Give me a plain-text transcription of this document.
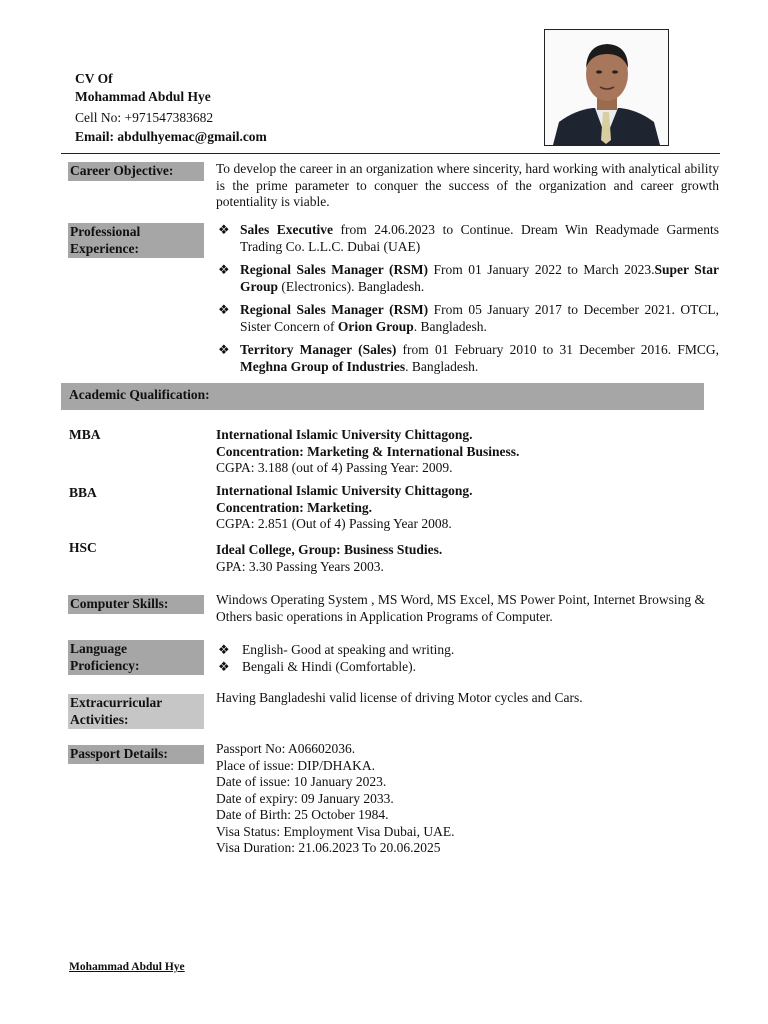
CV Of
Mohammad Abdul Hye
Cell No: +971547383682
Email: abdulhyemac@gmail.com
Career Objective:	To develop the career in an organization where sincerity, hard working with analytical ability is the prime parameter to conquer the success of the organization and career growth potentiality is viable.
Professional
Experience:
❖ Sales Executive from 24.06.2023 to Continue. Dream Win Readymade Garments Trading Co. L.L.C. Dubai (UAE)
❖ Regional Sales Manager (RSM) From 01 January 2022 to March 2023.Super Star Group (Electronics). Bangladesh.
❖ Regional Sales Manager (RSM) From 05 January 2017 to December 2021. OTCL, Sister Concern of Orion Group. Bangladesh.
❖ Territory Manager (Sales) from 01 February 2010 to 31 December 2016. FMCG, Meghna Group of Industries. Bangladesh.
Academic Qualification:
MBA	International Islamic University Chittagong.
Concentration: Marketing & International Business.
CGPA: 3.188 (out of 4) Passing Year: 2009.
BBA	International Islamic University Chittagong.
Concentration: Marketing.
CGPA: 2.851 (Out of 4) Passing Year 2008.
HSC	Ideal College, Group: Business Studies.
GPA: 3.30 Passing Years 2003.
Computer Skills:	Windows Operating System , MS Word, MS Excel, MS Power Point, Internet Browsing & Others basic operations in Application Programs of Computer.
Language
Proficiency:
❖ English- Good at speaking and writing.
❖ Bengali & Hindi (Comfortable).
Extracurricular
Activities:
Having Bangladeshi valid license of driving Motor cycles and Cars.
Passport Details:	Passport No: A06602036.
Place of issue: DIP/DHAKA.
Date of issue: 10 January 2023.
Date of expiry: 09 January 2033.
Date of Birth: 25 October 1984.
Visa Status: Employment Visa Dubai, UAE.
Visa Duration: 21.06.2023 To 20.06.2025
Mohammad Abdul Hye
